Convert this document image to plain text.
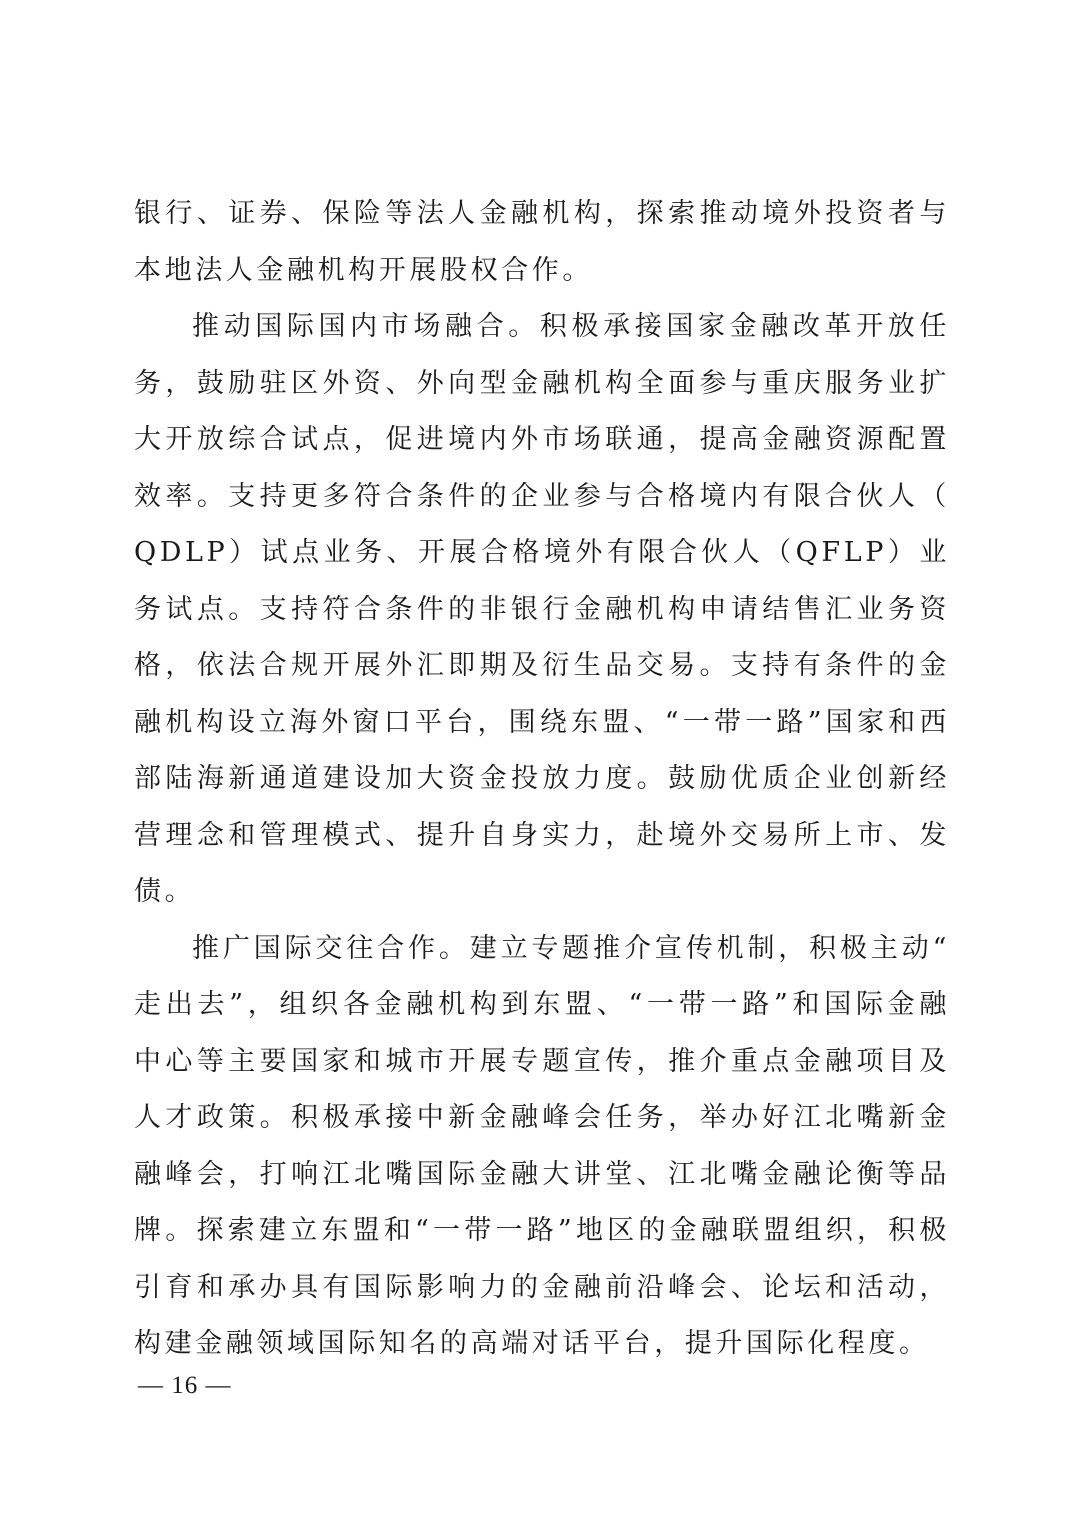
银行、证券、保险等法人金融机构，探索推动境外投资者与本地法人金融机构开展股权合作。

推动国际国内市场融合。积极承接国家金融改革开放任务，鼓励驻区外资、外向型金融机构全面参与重庆服务业扩大开放综合试点，促进境内外市场联通，提高金融资源配置效率。支持更多符合条件的企业参与合格境内有限合伙人（QDLP）试点业务、开展合格境外有限合伙人（QFLP）业务试点。支持符合条件的非银行金融机构申请结售汇业务资格，依法合规开展外汇即期及衍生品交易。支持有条件的金融机构设立海外窗口平台，围绕东盟、“一带一路”国家和西部陆海新通道建设加大资金投放力度。鼓励优质企业创新经营理念和管理模式、提升自身实力，赴境外交易所上市、发债。

推广国际交往合作。建立专题推介宣传机制，积极主动“走出去”，组织各金融机构到东盟、“一带一路”和国际金融中心等主要国家和城市开展专题宣传，推介重点金融项目及人才政策。积极承接中新金融峰会任务，举办好江北嘴新金融峰会，打响江北嘴国际金融大讲堂、江北嘴金融论衡等品牌。探索建立东盟和“一带一路”地区的金融联盟组织，积极引育和承办具有国际影响力的金融前沿峰会、论坛和活动，构建金融领域国际知名的高端对话平台，提升国际化程度。

— 16 —
